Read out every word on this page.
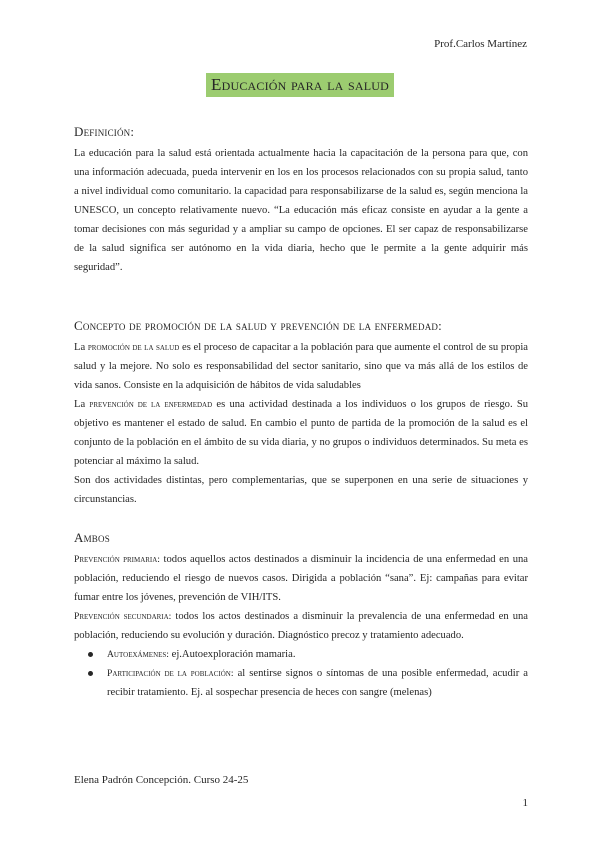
Prof.Carlos Martínez
Educación para la salud

Definición:

La educación para la salud está orientada actualmente hacia la capacitación de la persona para que, con una información adecuada, pueda intervenir en los en los procesos relacionados con su propia salud, tanto a nivel individual como comunitario. la capacidad para responsabilizarse de la salud es, según menciona la UNESCO, un concepto relativamente nuevo. “La educación más eficaz consiste en ayudar a la gente a tomar decisiones con más seguridad y a ampliar su campo de opciones. El ser capaz de responsabilizarse de la salud significa ser autónomo en la vida diaria, hecho que le permite a la gente adquirir más seguridad”.

Concepto de promoción de la salud y prevención de la enfermedad:

La promoción de la salud es el proceso de capacitar a la población para que aumente el control de su propia salud y la mejore. No solo es responsabilidad del sector sanitario, sino que va más allá de los estilos de vida sanos. Consiste en la adquisición de hábitos de vida saludables

La prevención de la enfermedad es una actividad destinada a los individuos o los grupos de riesgo. Su objetivo es mantener el estado de salud. En cambio el punto de partida de la promoción de la salud es el conjunto de la población en el ámbito de su vida diaria, y no grupos o individuos determinados. Su meta es potenciar al máximo la salud.

Son dos actividades distintas, pero complementarias, que se superponen en una serie de situaciones y circunstancias.

Ambos

Prevención primaria: todos aquellos actos destinados a disminuir la incidencia de una enfermedad en una población, reduciendo el riesgo de nuevos casos. Dirigida a población “sana”. Ej: campañas para evitar fumar entre los jóvenes, prevención de VIH/ITS.

Prevención secundaria: todos los actos destinados a disminuir la prevalencia de una enfermedad en una población, reduciendo su evolución y duración. Diagnóstico precoz y tratamiento adecuado.

Autoexámenes: ej.Autoexploración mamaria.
Participación de la población: al sentirse signos o síntomas de una posible enfermedad, acudir a recibir tratamiento. Ej. al sospechar presencia de heces con sangre (melenas)
Elena Padrón Concepción. Curso 24-25
1
